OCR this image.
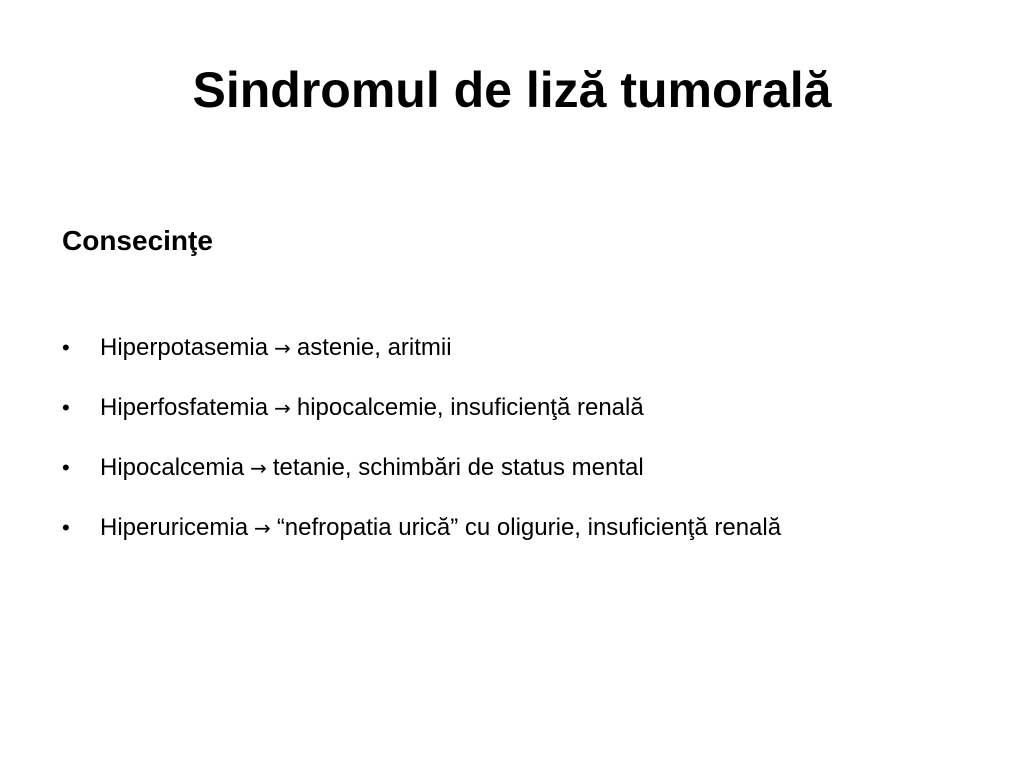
Sindromul de liză tumorală
Consecinţe
•	Hiperpotasemia → astenie, aritmii
•	Hiperfosfatemia → hipocalcemie, insuficienţă renală
•	Hipocalcemia → tetanie, schimbări de status mental
•	Hiperuricemia → “nefropatia urică” cu oligurie, insuficienţă renală
